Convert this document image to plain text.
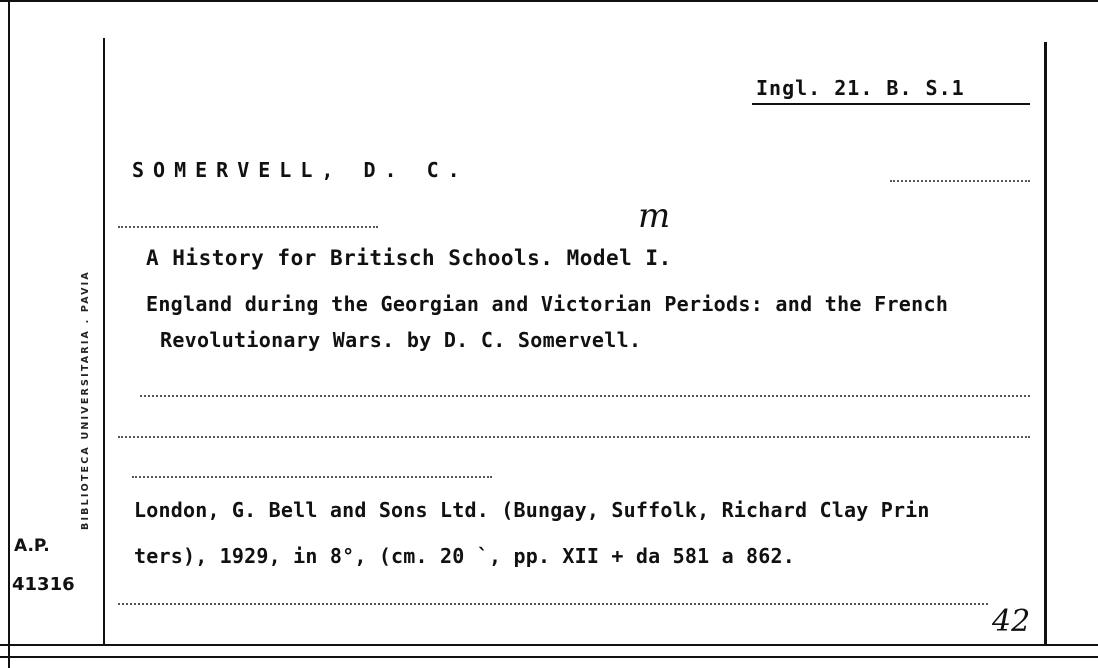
Ingl. 21. B. S.1
SOMERVELL, D. C.
A History for Britisch Schools. Model I.
m
England during the Georgian and Victorian Periods: and the French
Revolutionary Wars. by D. C. Somervell.
London, G. Bell and Sons Ltd. (Bungay, Suffolk, Richard Clay Prin
ters), 1929, in 8°, (cm. 20 `, pp. XII + da 581 a 862.
BIBLIOTECA UNIVERSITARIA . PAVIA
A.P.
41316
42
